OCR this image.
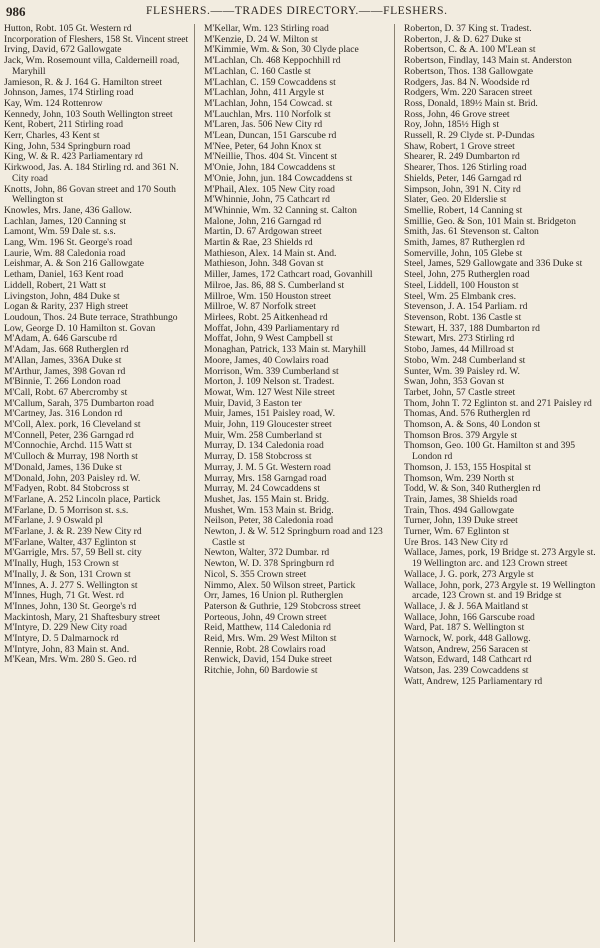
986	FLESHERS.——TRADES DIRECTORY.——FLESHERS.
Hutton, Robt. 105 Gt. Western rd
Incorporation of Fleshers, 158 St. Vincent street
Irving, David, 672 Gallowgate
Jack, Wm. Rosemount villa, Calderneill road, Maryhill
Jamieson, R. & J. 164 G. Hamilton street
Johnson, James, 174 Stirling road
Kay, Wm. 124 Rottenrow
Kennedy, John, 103 South Wellington street
Kent, Robert, 211 Stirling road
Kerr, Charles, 43 Kent st
King, John, 534 Springburn road
King, W. & R. 423 Parliamentary rd
Kirkwood, Jas. A. 184 Stirling rd. and 361 N. City road
Knotts, John, 86 Govan street and 170 South Wellington st
Knowles, Mrs. Jane, 436 Gallow.
Lachlan, James, 120 Canning st
Lamont, Wm. 59 Dale st. s.s.
Lang, Wm. 196 St. George's road
Laurie, Wm. 88 Caledonia road
Leishmar, A. & Son 216 Gallowgate
Letham, Daniel, 163 Kent road
Liddell, Robert, 21 Watt st
Livingston, John, 484 Duke st
Logan & Rarity, 237 High street
Loudoun, Thos. 24 Bute terrace, Strathbungo
Low, George D. 10 Hamilton st. Govan
M'Adam, A. 646 Garscube rd
M'Adam, Jas. 668 Rutherglen rd
M'Allan, James, 336A Duke st
M'Arthur, James, 398 Govan rd
M'Binnie, T. 266 London road
M'Call, Robt. 67 Abercromby st
M'Callum, Sarah, 375 Dumbarton road
M'Cartney, Jas. 316 London rd
M'Coll, Alex. pork, 16 Cleveland st
M'Connell, Peter, 236 Garngad rd
M'Connochie, Archd. 115 Watt st
M'Culloch & Murray, 198 North st
M'Donald, James, 136 Duke st
M'Donald, John, 203 Paisley rd. W.
M'Fadyen, Robt. 84 Stobcross st
M'Farlane, A. 252 Lincoln place, Partick
M'Farlane, D. 5 Morrison st. s.s.
M'Farlane, J. 9 Oswald pl
M'Farlane, J. & R. 239 New City rd
M'Farlane, Walter, 437 Eglinton st
M'Garrigle, Mrs. 57, 59 Bell st. city
M'Inally, Hugh, 153 Crown st
M'Inally, J. & Son, 131 Crown st
M'Innes, A. J. 277 S. Wellington st
M'Innes, Hugh, 71 Gt. West. rd
M'Innes, John, 130 St. George's rd
Mackintosh, Mary, 21 Shaftesbury street
M'Intyre, D. 229 New City road
M'Intyre, D. 5 Dalmarnock rd
M'Intyre, John, 83 Main st. And.
M'Kean, Mrs. Wm. 280 S. Geo. rd
M'Kellar, Wm. 123 Stirling road
M'Kenzie, D. 24 W. Milton st
M'Kimmie, Wm. & Son, 30 Clyde place
M'Lachlan, Ch. 468 Keppochhill rd
M'Lachlan, C. 160 Castle st
M'Lachlan, C. 159 Cowcaddens st
M'Lachlan, John, 411 Argyle st
M'Lachlan, John, 154 Cowcad. st
M'Lauchlan, Mrs. 110 Norfolk st
M'Laren, Jas. 506 New City rd
M'Lean, Duncan, 151 Garscube rd
M'Nee, Peter, 64 John Knox st
M'Neillie, Thos. 404 St. Vincent st
M'Onie, John, 184 Cowcaddens st
M'Onie, John, jun. 184 Cowcaddens st
M'Phail, Alex. 105 New City road
M'Whinnie, John, 75 Cathcart rd
M'Whinnie, Wm. 32 Canning st. Calton
Malone, John, 216 Garngad rd
Martin, D. 67 Ardgowan street
Martin & Rae, 23 Shields rd
Mathieson, Alex. 14 Main st. And.
Mathieson, John. 348 Govan st
Miller, James, 172 Cathcart road, Govanhill
Milroe, Jas. 86, 88 S. Cumberland st
Millroe, Wm. 150 Houston street
Millroe, W. 87 Norfolk street
Mirlees, Robt. 25 Aitkenhead rd
Moffat, John, 439 Parliamentary rd
Moffat, John, 9 West Campbell st
Monaghan, Patrick, 133 Main st. Maryhill
Moore, James, 40 Cowlairs road
Morrison, Wm. 339 Cumberland st
Morton, J. 109 Nelson st. Tradest.
Mowat, Wm. 127 West Nile street
Muir, David, 3 Easton ter
Muir, James, 151 Paisley road, W.
Muir, John, 119 Gloucester street
Muir, Wm. 258 Cumberland st
Murray, D. 134 Caledonia road
Murray, D. 158 Stobcross st
Murray, J. M. 5 Gt. Western road
Murray, Mrs. 158 Garngad road
Murray, M. 24 Cowcaddens st
Mushet, Jas. 155 Main st. Bridg.
Mushet, Wm. 153 Main st. Bridg.
Neilson, Peter, 38 Caledonia road
Newton, J. & W. 512 Springburn road and 123 Castle st
Newton, Walter, 372 Dumbar. rd
Newton, W. D. 378 Springburn rd
Nicol, S. 355 Crown street
Nimmo, Alex. 50 Wilson street, Partick
Orr, James, 16 Union pl. Rutherglen
Paterson & Guthrie, 129 Stobcross street
Porteous, John, 49 Crown street
Reid, Matthew, 114 Caledonia rd
Reid, Mrs. Wm. 29 West Milton st
Rennie, Robt. 28 Cowlairs road
Renwick, David, 154 Duke street
Ritchie, John, 60 Bardowie st
Roberton, D. 37 King st. Tradest.
Roberton, J. & D. 627 Duke st
Robertson, C. & A. 100 M'Lean st
Robertson, Findlay, 143 Main st. Anderston
Robertson, Thos. 138 Gallowgate
Rodgers, Jas. 84 N. Woodside rd
Rodgers, Wm. 220 Saracen street
Ross, Donald, 189½ Main st. Brid.
Ross, John, 46 Grove street
Roy, John, 185½ High st
Russell, R. 29 Clyde st. P-Dundas
Shaw, Robert, 1 Grove street
Shearer, R. 249 Dumbarton rd
Shearer, Thos. 126 Stirling road
Shields, Peter, 146 Garngad rd
Simpson, John, 391 N. City rd
Slater, Geo. 20 Elderslie st
Smellie, Robert, 14 Canning st
Smillie, Geo. & Son, 101 Main st. Bridgeton
Smith, Jas. 61 Stevenson st. Calton
Smith, James, 87 Rutherglen rd
Somerville, John, 105 Glebe st
Steel, James, 529 Gallowgate and 336 Duke st
Steel, John, 275 Rutherglen road
Steel, Liddell, 100 Houston st
Steel, Wm. 25 Elmbank cres.
Stevenson, J. A. 154 Parliam. rd
Stevenson, Robt. 136 Castle st
Stewart, H. 337, 188 Dumbarton rd
Stewart, Mrs. 273 Stirling rd
Stobo, James, 44 Millroad st
Stobo, Wm. 248 Cumberland st
Sunter, Wm. 39 Paisley rd. W.
Swan, John, 353 Govan st
Tarbet, John, 57 Castle street
Thom, John T. 72 Eglinton st. and 271 Paisley rd
Thomas, And. 576 Rutherglen rd
Thomson, A. & Sons, 40 London st
Thomson Bros. 379 Argyle st
Thomson, Geo. 100 Gt. Hamilton st and 395 London rd
Thomson, J. 153, 155 Hospital st
Thomson, Wm. 239 North st
Todd, W. & Son, 340 Rutherglen rd
Train, James, 38 Shields road
Train, Thos. 494 Gallowgate
Turner, John, 139 Duke street
Turner, Wm. 67 Eglinton st
Ure Bros. 143 New City rd
Wallace, James, pork, 19 Bridge st. 273 Argyle st. 19 Wellington arc. and 123 Crown street
Wallace, J. G. pork, 273 Argyle st
Wallace, John, pork, 273 Argyle st. 19 Wellington arcade, 123 Crown st. and 19 Bridge st
Wallace, J. & J. 56A Maitland st
Wallace, John, 166 Garscube road
Ward, Pat. 187 S. Wellington st
Warnock, W. pork, 448 Gallowg.
Watson, Andrew, 256 Saracen st
Watson, Edward, 148 Cathcart rd
Watson, Jas. 239 Cowcaddens st
Watt, Andrew, 125 Parliamentary rd
